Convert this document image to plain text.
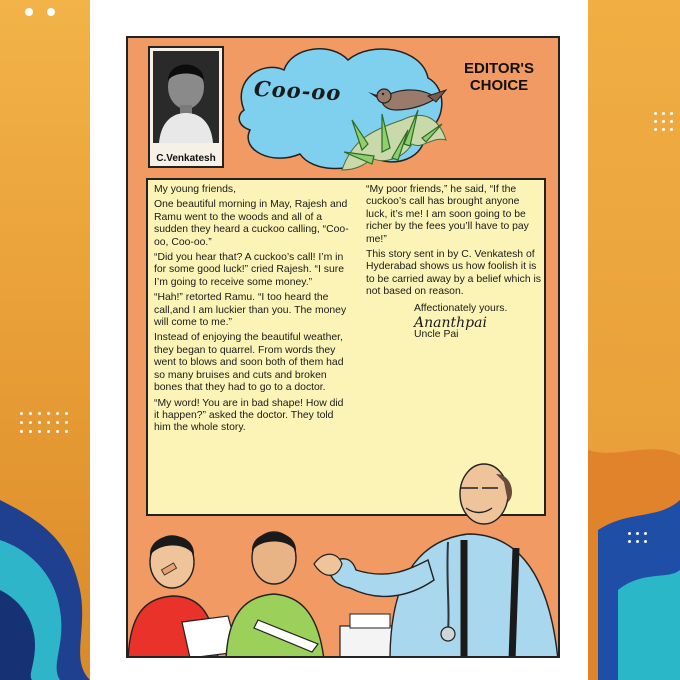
C.Venkatesh
Coo-oo
EDITOR'S
CHOICE

My young friends,

One beautiful morning in May, Rajesh and Ramu went to the woods and all of a sudden they heard a cuckoo calling, “Coo-oo, Coo-oo.”

“Did you hear that? A cuckoo’s call! I’m in for some good luck!” cried Rajesh. “I sure I’m going to receive some money.”

“Hah!” retorted Ramu. “I too heard the call,and I am luckier than you. The money will come to me.”

Instead of enjoying the beautiful weather, they began to quarrel. From words they went to blows and soon both of them had so many bruises and cuts and broken bones that they had to go to a doctor.

“My word! You are in bad shape! How did it happen?” asked the doctor. They told him the whole story.

“My poor friends,” he said, “If the cuckoo’s call has brought anyone luck, it’s me! I am soon going to be richer by the fees you’ll have to pay me!”

This story sent in by C. Venkatesh of Hyderabad shows us how foolish it is to be carried away by a belief which is not based on reason.

Affectionately yours.
Ananthpai
Uncle Pai
